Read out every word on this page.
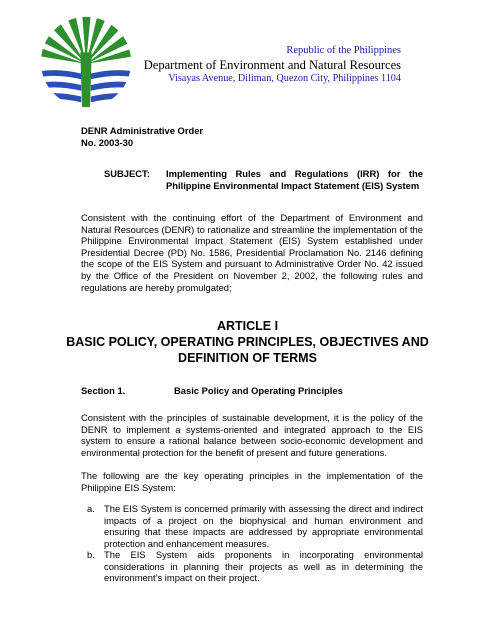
Republic of the Philippines
Department of Environment and Natural Resources
Visayas Avenue, Diliman, Quezon City, Philippines 1104
DENR Administrative Order
No. 2003-30
SUBJECT: Implementing Rules and Regulations (IRR) for the Philippine Environmental Impact Statement (EIS) System
Consistent with the continuing effort of the Department of Environment and Natural Resources (DENR) to rationalize and streamline the implementation of the Philippine Environmental Impact Statement (EIS) System established under Presidential Decree (PD) No. 1586, Presidential Proclamation No. 2146 defining the scope of the EIS System and pursuant to Administrative Order No. 42 issued by the Office of the President on November 2, 2002, the following rules and regulations are hereby promulgated;
ARTICLE I
BASIC POLICY, OPERATING PRINCIPLES, OBJECTIVES AND
DEFINITION OF TERMS
Section 1.	Basic Policy and Operating Principles
Consistent with the principles of sustainable development, it is the policy of the DENR to implement a systems-oriented and integrated approach to the EIS system to ensure a rational balance between socio-economic development and environmental protection for the benefit of present and future generations.
The following are the key operating principles in the implementation of the Philippine EIS System:
a. The EIS System is concerned primarily with assessing the direct and indirect impacts of a project on the biophysical and human environment and ensuring that these impacts are addressed by appropriate environmental protection and enhancement measures.
b. The EIS System aids proponents in incorporating environmental considerations in planning their projects as well as in determining the environment’s impact on their project.
